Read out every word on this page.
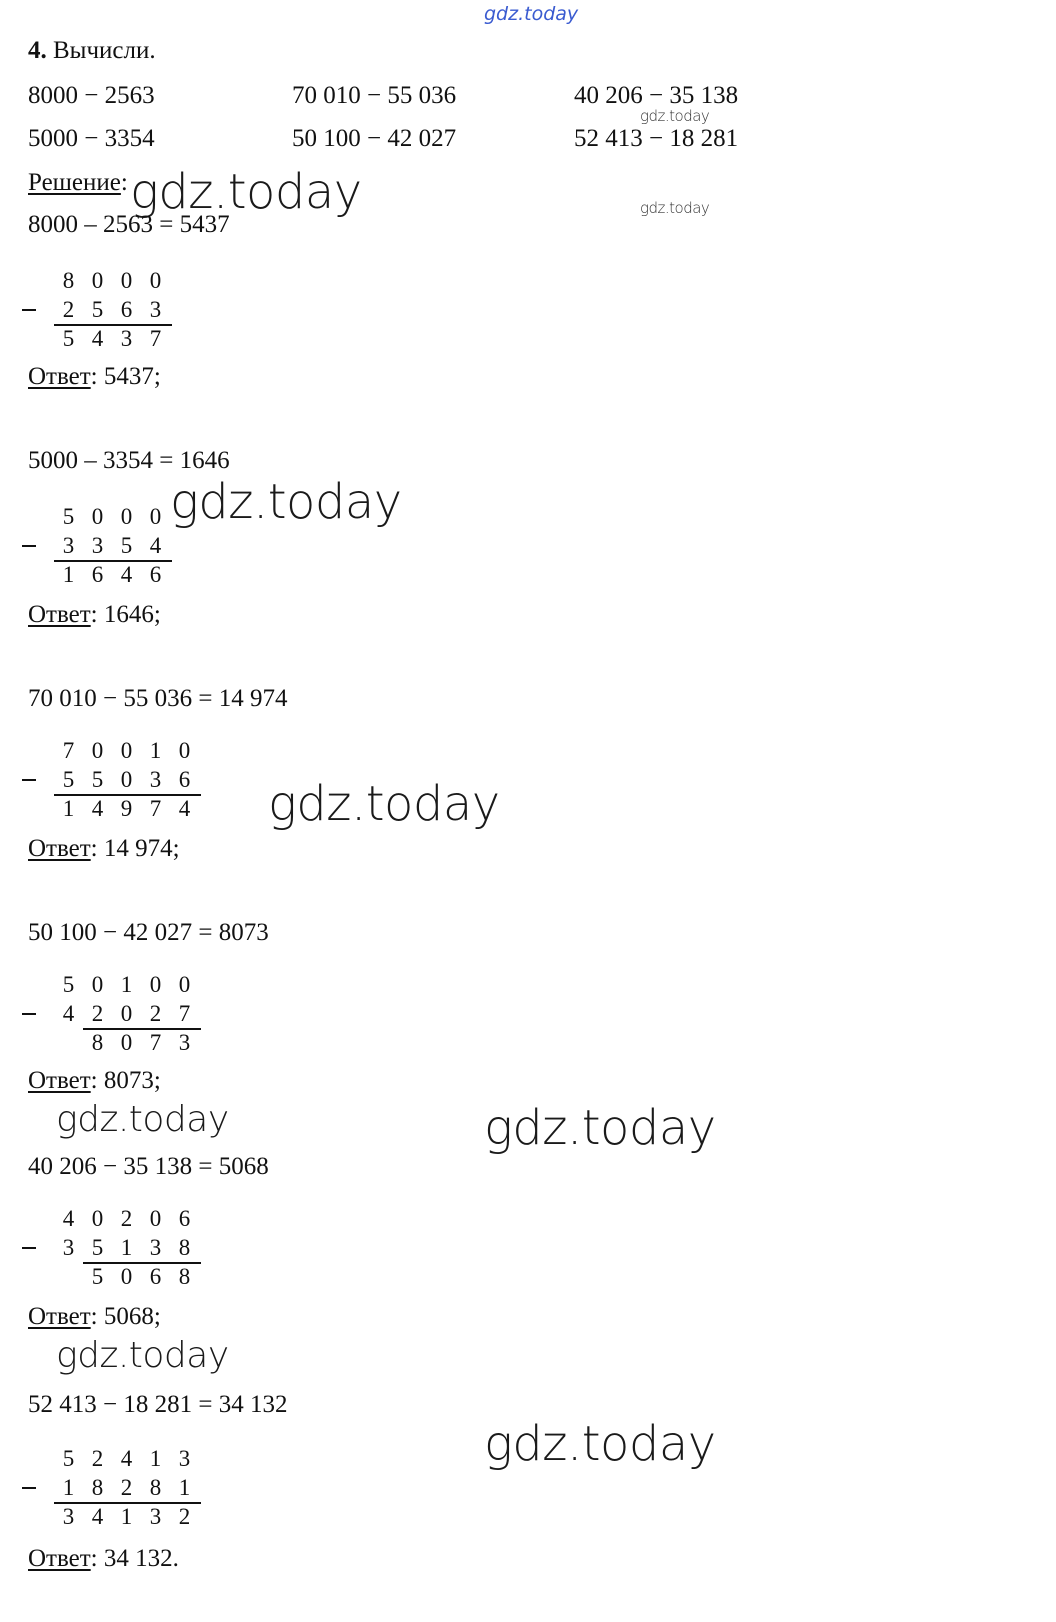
gdz.today
4. Вычисли.
8000 − 2563	70 010 − 55 036	40 206 − 35 138
5000 − 3354	50 100 − 42 027	52 413 − 18 281
gdz.today
gdz.today
Решение: gdz.today
8000 – 2563 = 5437
8 0 0 0
2 5 6 3
5 4 3 7
Ответ: 5437;
5000 – 3354 = 1646
gdz.today
5 0 0 0
3 3 5 4
1 6 4 6
Ответ: 1646;
70 010 − 55 036 = 14 974
7 0 0 1 0
5 5 0 3 6
1 4 9 7 4 gdz.today
Ответ: 14 974;
50 100 − 42 027 = 8073
5 0 1 0 0
4 2 0 2 7
8 0 7 3
Ответ: 8073;
gdz.today	gdz.today
40 206 − 35 138 = 5068
4 0 2 0 6
3 5 1 3 8
5 0 6 8
Ответ: 5068;
gdz.today
52 413 − 18 281 = 34 132
gdz.today
5 2 4 1 3
1 8 2 8 1
3 4 1 3 2
Ответ: 34 132.
